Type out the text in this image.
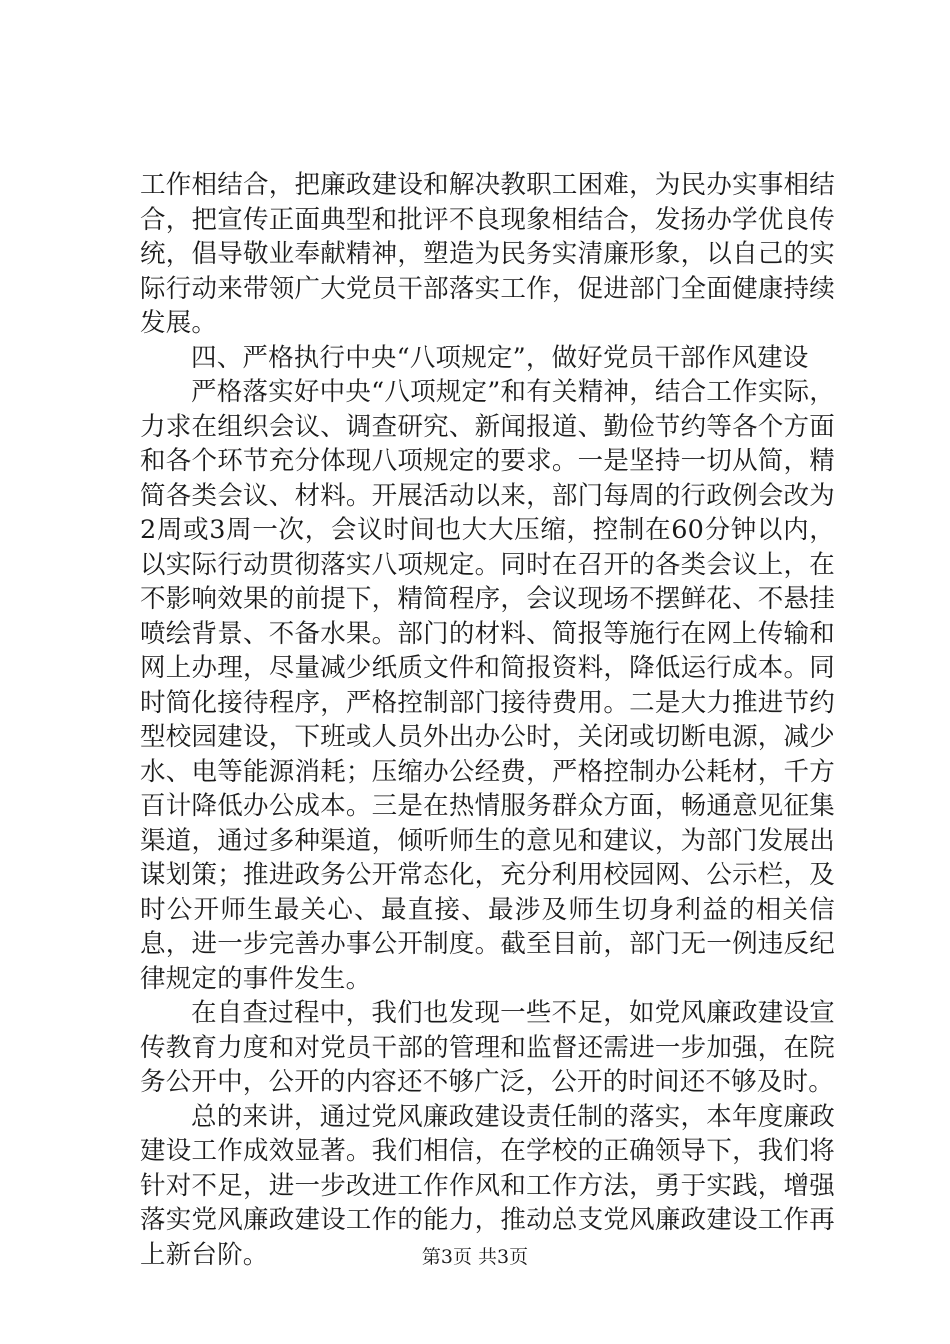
工作相结合，把廉政建设和解决教职工困难，为民办实事相结合，把宣传正面典型和批评不良现象相结合，发扬办学优良传统，倡导敬业奉献精神，塑造为民务实清廉形象，以自己的实际行动来带领广大党员干部落实工作，促进部门全面健康持续发展。

四、严格执行中央“八项规定”，做好党员干部作风建设

严格落实好中央“八项规定”和有关精神，结合工作实际，力求在组织会议、调查研究、新闻报道、勤俭节约等各个方面和各个环节充分体现八项规定的要求。一是坚持一切从简，精简各类会议、材料。开展活动以来，部门每周的行政例会改为2周或3周一次，会议时间也大大压缩，控制在60分钟以内，以实际行动贯彻落实八项规定。同时在召开的各类会议上，在不影响效果的前提下，精简程序，会议现场不摆鲜花、不悬挂喷绘背景、不备水果。部门的材料、简报等施行在网上传输和网上办理，尽量减少纸质文件和简报资料，降低运行成本。同时简化接待程序，严格控制部门接待费用。二是大力推进节约型校园建设，下班或人员外出办公时，关闭或切断电源，减少水、电等能源消耗；压缩办公经费，严格控制办公耗材，千方百计降低办公成本。三是在热情服务群众方面，畅通意见征集渠道，通过多种渠道，倾听师生的意见和建议，为部门发展出谋划策；推进政务公开常态化，充分利用校园网、公示栏，及时公开师生最关心、最直接、最涉及师生切身利益的相关信息，进一步完善办事公开制度。截至目前，部门无一例违反纪律规定的事件发生。

在自查过程中，我们也发现一些不足，如党风廉政建设宣传教育力度和对党员干部的管理和监督还需进一步加强，在院务公开中，公开的内容还不够广泛，公开的时间还不够及时。

总的来讲，通过党风廉政建设责任制的落实，本年度廉政建设工作成效显著。我们相信，在学校的正确领导下，我们将针对不足，进一步改进工作作风和工作方法，勇于实践，增强落实党风廉政建设工作的能力，推动总支党风廉政建设工作再上新台阶。	第3页 共3页
